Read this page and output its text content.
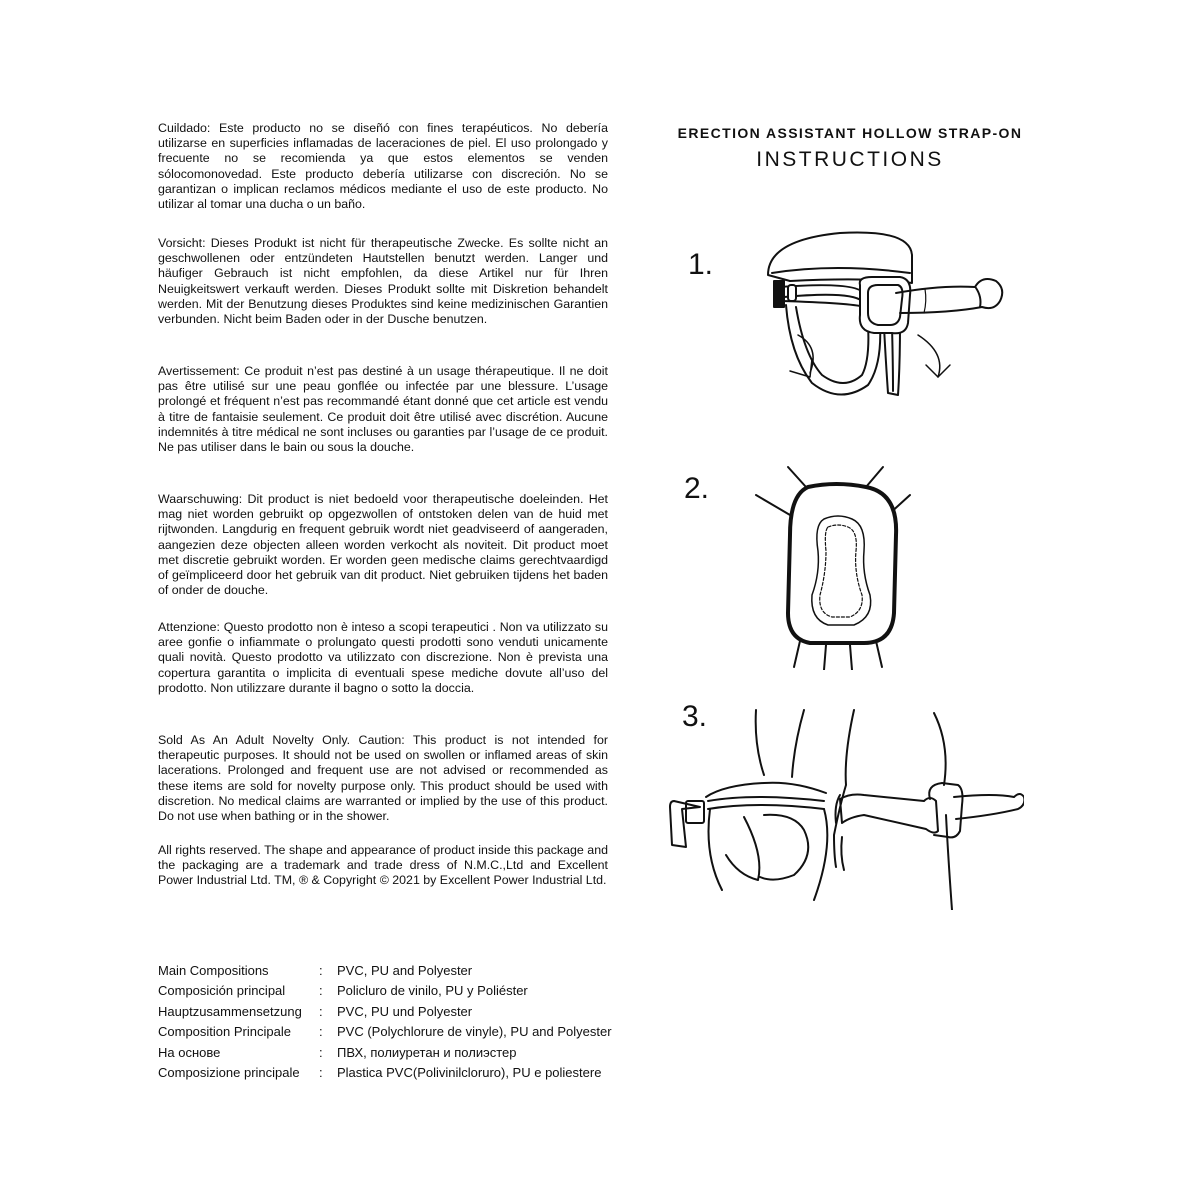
Cuildado: Este producto no se diseñó con fines terapéuticos. No debería utilizarse en superficies inflamadas de laceraciones de piel. El uso prolongado y frecuente no se recomienda ya que estos elementos se venden sólocomonovedad. Este producto debería utilizarse con discreción. No se garantizan o implican reclamos médicos mediante el uso de este producto. No utilizar al tomar una ducha o un baño.

Vorsicht: Dieses Produkt ist nicht für therapeutische Zwecke. Es sollte nicht an geschwollenen oder entzündeten Hautstellen benutzt werden. Langer und häufiger Gebrauch ist nicht empfohlen, da diese Artikel nur für Ihren Neuigkeitswert verkauft werden. Dieses Produkt sollte mit Diskretion behandelt werden. Mit der Benutzung dieses Produktes sind keine medizinischen Garantien verbunden. Nicht beim Baden oder in der Dusche benutzen.

Avertissement: Ce produit n’est pas destiné à un usage thérapeutique. Il ne doit pas être utilisé sur une peau gonflée ou infectée par une blessure. L’usage prolongé et fréquent n’est pas recommandé étant donné que cet article est vendu à titre de fantaisie seulement. Ce produit doit être utilisé avec discrétion. Aucune indemnités à titre médical ne sont incluses ou garanties par l’usage de ce produit. Ne pas utiliser dans le bain ou sous la douche.

Waarschuwing: Dit product is niet bedoeld voor therapeutische doeleinden. Het mag niet worden gebruikt op opgezwollen of ontstoken delen van de huid met rijtwonden. Langdurig en frequent gebruik wordt niet geadviseerd of aangeraden, aangezien deze objecten alleen worden verkocht als noviteit. Dit product moet met discretie gebruikt worden. Er worden geen medische claims gerechtvaardigd of geïmpliceerd door het gebruik van dit product. Niet gebruiken tijdens het baden of onder de douche.

Attenzione: Questo prodotto non è inteso a scopi terapeutici . Non va utilizzato su aree gonfie o infiammate o prolungato questi prodotti sono venduti unicamente quali novità. Questo prodotto va utilizzato con discrezione. Non è prevista una copertura garantita o implicita di eventuali spese mediche dovute all’uso del prodotto. Non utilizzare durante il bagno o sotto la doccia.

Sold As An Adult Novelty Only. Caution: This product is not intended for therapeutic purposes. It should not be used on swollen or inflamed areas of skin lacerations. Prolonged and frequent use are not advised or recommended as these items are sold for novelty purpose only. This product should be used with discretion. No medical claims are warranted or implied by the use of this product. Do not use when bathing or in the shower.

All rights reserved. The shape and appearance of product inside this package and the packaging are a trademark and trade dress of N.M.C.,Ltd and Excellent Power Industrial Ltd. TM, ® & Copyright © 2021 by Excellent Power Industrial Ltd.

ERECTION ASSISTANT HOLLOW STRAP-ON
INSTRUCTIONS
1.
2.
3.
Main Compositions	:	PVC, PU and Polyester
Composición principal	:	Policluro de vinilo, PU y Poliéster
Hauptzusammensetzung	:	PVC, PU und Polyester
Composition Principale	:	PVC (Polychlorure de vinyle), PU and Polyester
На основе	:	ПВХ, полиуретан и полиэстер
Composizione principale	:	Plastica PVC(Polivinilcloruro), PU e poliestere
